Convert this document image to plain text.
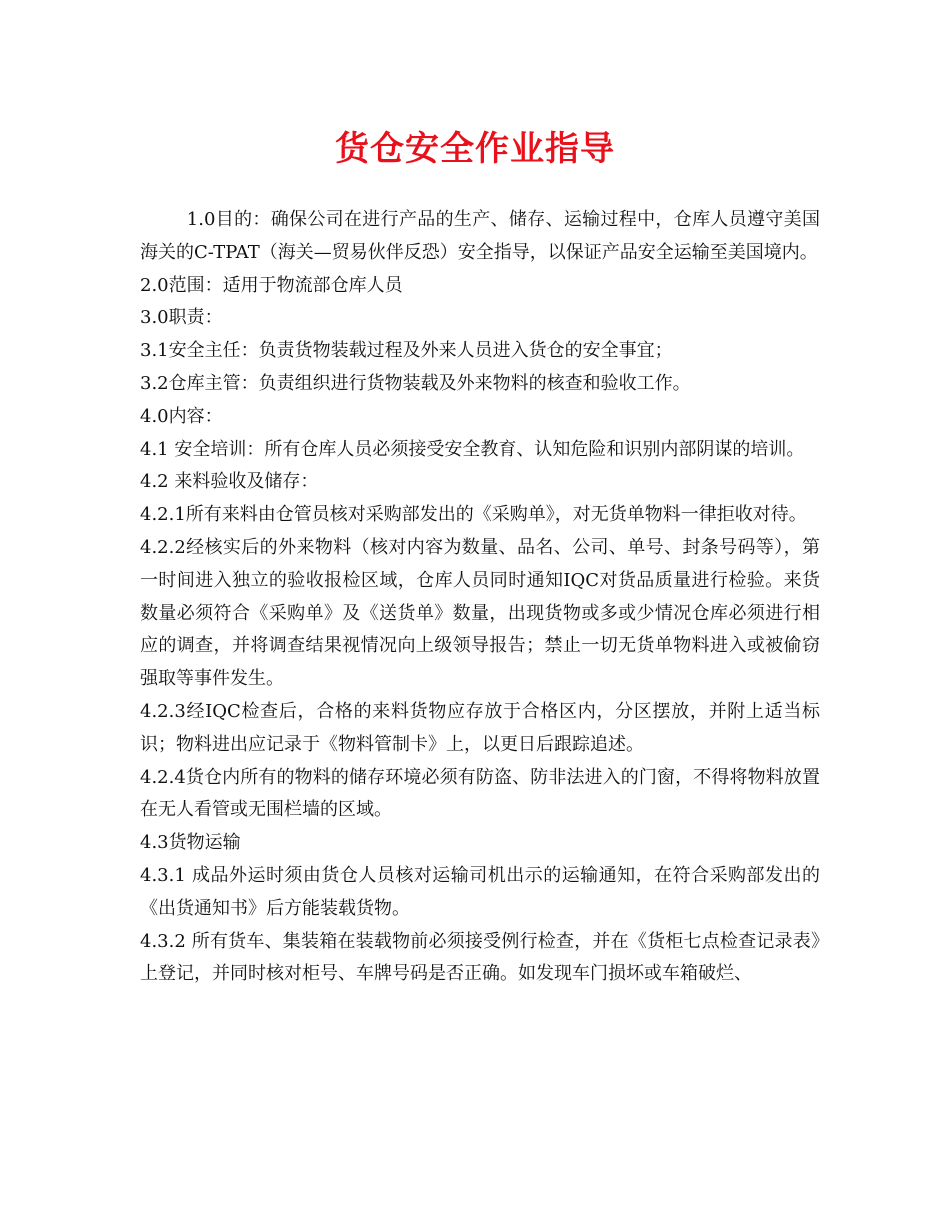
货仓安全作业指导

1.0目的：确保公司在进行产品的生产、储存、运输过程中，仓库人员遵守美国海关的C-TPAT（海关—贸易伙伴反恐）安全指导，以保证产品安全运输至美国境内。

2.0范围：适用于物流部仓库人员

3.0职责：

3.1安全主任：负责货物装载过程及外来人员进入货仓的安全事宜；

3.2仓库主管：负责组织进行货物装载及外来物料的核查和验收工作。

4.0内容：

4.1 安全培训：所有仓库人员必须接受安全教育、认知危险和识别内部阴谋的培训。

4.2 来料验收及储存：

4.2.1所有来料由仓管员核对采购部发出的《采购单》，对无货单物料一律拒收对待。

4.2.2经核实后的外来物料（核对内容为数量、品名、公司、单号、封条号码等），第一时间进入独立的验收报检区域，仓库人员同时通知IQC对货品质量进行检验。来货数量必须符合《采购单》及《送货单》数量，出现货物或多或少情况仓库必须进行相应的调查，并将调查结果视情况向上级领导报告；禁止一切无货单物料进入或被偷窃强取等事件发生。

4.2.3经IQC检查后，合格的来料货物应存放于合格区内，分区摆放，并附上适当标识；物料进出应记录于《物料管制卡》上，以更日后跟踪追述。

4.2.4货仓内所有的物料的储存环境必须有防盗、防非法进入的门窗，不得将物料放置在无人看管或无围栏墙的区域。

4.3货物运输

4.3.1 成品外运时须由货仓人员核对运输司机出示的运输通知，在符合采购部发出的《出货通知书》后方能装载货物。

4.3.2 所有货车、集装箱在装载物前必须接受例行检查，并在《货柜七点检查记录表》上登记，并同时核对柜号、车牌号码是否正确。如发现车门损坏或车箱破烂、
